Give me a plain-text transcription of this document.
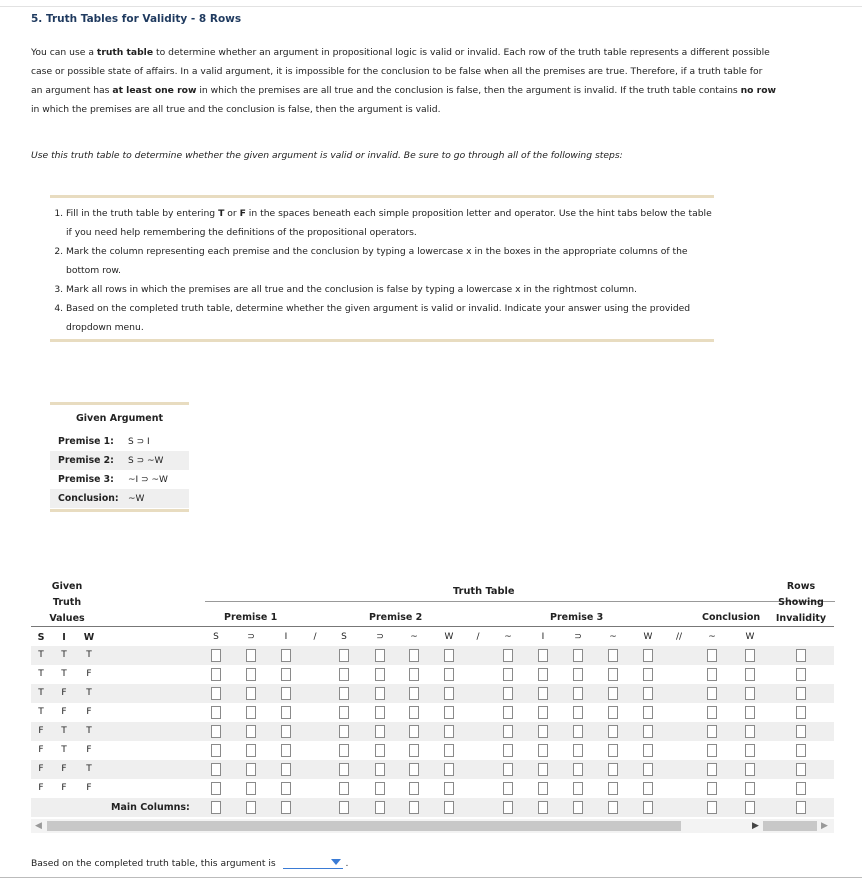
5. Truth Tables for Validity - 8 Rows

You can use a truth table to determine whether an argument in propositional logic is valid or invalid. Each row of the truth table represents a different possible case or possible state of affairs. In a valid argument, it is impossible for the conclusion to be false when all the premises are true. Therefore, if a truth table for an argument has at least one row in which the premises are all true and the conclusion is false, then the argument is invalid. If the truth table contains no row in which the premises are all true and the conclusion is false, then the argument is valid.

Use this truth table to determine whether the given argument is valid or invalid. Be sure to go through all of the following steps:
1. Fill in the truth table by entering T or F in the spaces beneath each simple proposition letter and operator. Use the hint tabs below the table if you need help remembering the definitions of the propositional operators.
2. Mark the column representing each premise and the conclusion by typing a lowercase x in the boxes in the appropriate columns of the bottom row.
3. Mark all rows in which the premises are all true and the conclusion is false by typing a lowercase x in the rightmost column.
4. Based on the completed truth table, determine whether the given argument is valid or invalid. Indicate your answer using the provided dropdown menu.
Given Argument
Premise 1:	S ⊃ I
Premise 2:	S ⊃ ~W
Premise 3:	~I ⊃ ~W
Conclusion:	~W
Given Truth Values
Truth Table	Rows Showing Invalidity
Premise 1	Premise 2	Premise 3	Conclusion
S	I	W	S	⊃	I	/	S	⊃	~	W	/	~	I	⊃	~	W	//	~	W
T	T	T
T	T	F
T	F	T
T	F	F
F	T	T
F	T	F
F	F	T
F	F	F
Main Columns:
◀	▶	▶
Based on the completed truth table, this argument is	.
